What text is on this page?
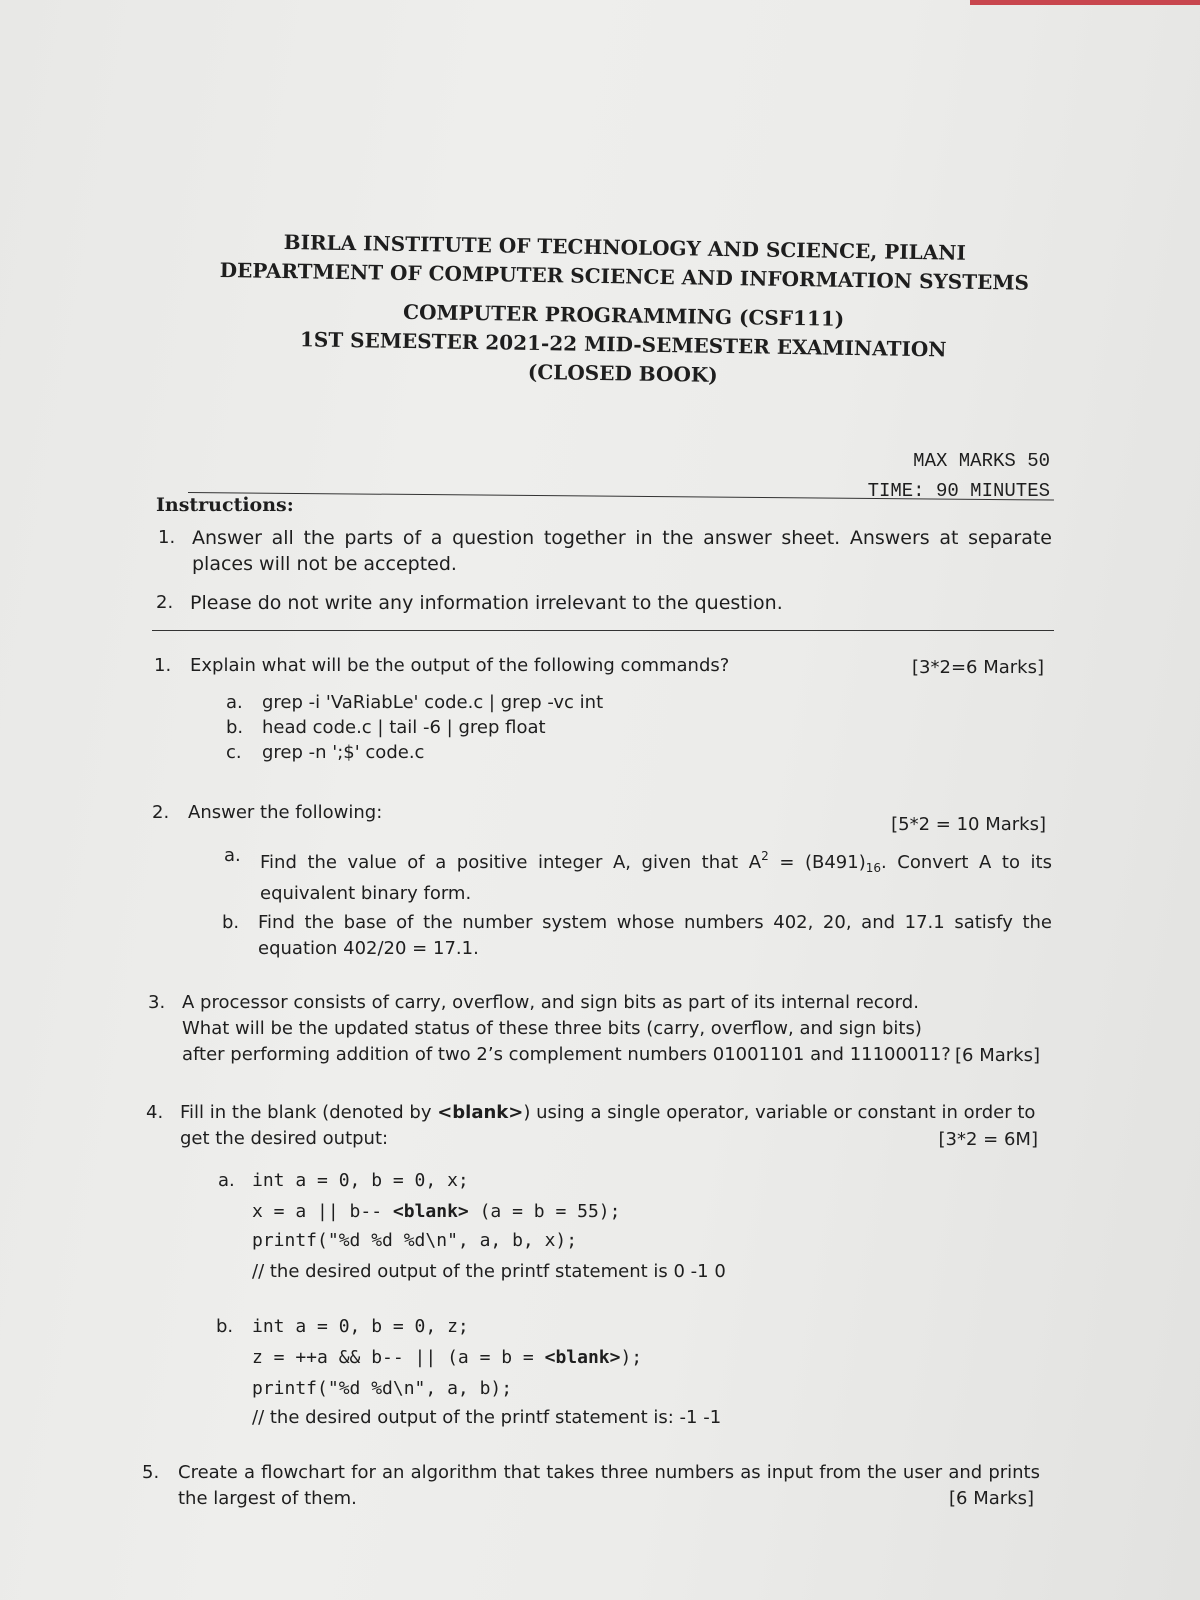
BIRLA INSTITUTE OF TECHNOLOGY AND SCIENCE, PILANI
DEPARTMENT OF COMPUTER SCIENCE AND INFORMATION SYSTEMS
COMPUTER PROGRAMMING (CSF111)
1ST SEMESTER 2021-22 MID-SEMESTER EXAMINATION
(CLOSED BOOK)
MAX MARKS 50
TIME: 90 MINUTES
Instructions:
1. Answer all the parts of a question together in the answer sheet. Answers at separate places will not be accepted.
2. Please do not write any information irrelevant to the question.
1. Explain what will be the output of the following commands?	[3*2=6 Marks]
a. grep -i 'VaRiabLe' code.c | grep -vc int
b. head code.c | tail -6 | grep float
c. grep -n ';$' code.c
2. Answer the following:
[5*2 = 10 Marks]
a. Find the value of a positive integer A, given that $A^2 = (B491)_{16}$. Convert A to its equivalent binary form.
b. Find the base of the number system whose numbers 402, 20, and 17.1 satisfy the equation 402/20 = 17.1.
3. A processor consists of carry, overflow, and sign bits as part of its internal record. What will be the updated status of these three bits (carry, overflow, and sign bits) after performing addition of two 2’s complement numbers 01001101 and 11100011? [6 Marks]
4. Fill in the blank (denoted by <blank>) using a single operator, variable or constant in order to get the desired output:	[3*2 = 6M]
a. int a = 0, b = 0, x;
x = a || b-- <blank> (a = b = 55);
printf("%d %d %d\n", a, b, x);
// the desired output of the printf statement is 0 -1 0
b. int a = 0, b = 0, z;
z = ++a && b-- || (a = b = <blank>);
printf("%d %d\n", a, b);
// the desired output of the printf statement is: -1 -1
5. Create a flowchart for an algorithm that takes three numbers as input from the user and prints the largest of them.	[6 Marks]
